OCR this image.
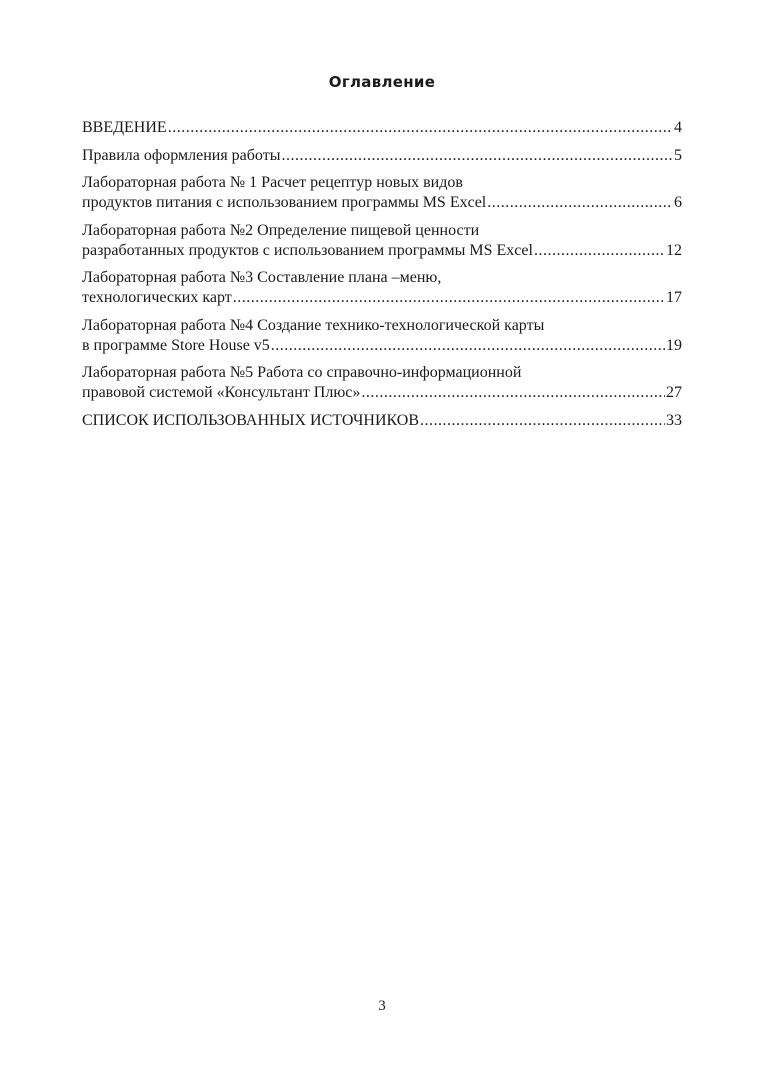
Оглавление
ВВЕДЕНИЕ .....	4
Правила оформления работы .....	5
Лабораторная работа № 1 Расчет рецептур новых видов
продуктов питания с использованием программы MS Excel .....	6
Лабораторная работа №2 Определение пищевой ценности
разработанных продуктов с использованием программы MS Excel .....	12
Лабораторная работа №3 Составление плана –меню,
технологических карт .....	17
Лабораторная работа №4 Создание технико-технологической карты
в программе Store House v5 .....	19
Лабораторная работа №5 Работа со справочно-информационной
правовой системой «Консультант Плюс» .....	27
СПИСОК ИСПОЛЬЗОВАННЫХ ИСТОЧНИКОВ .....	33
3
